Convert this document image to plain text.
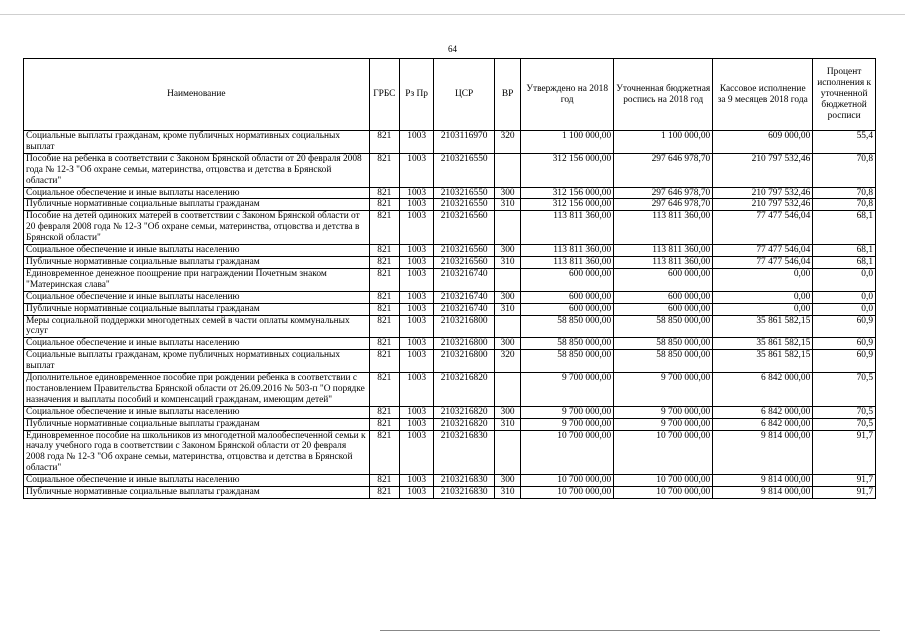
64
Наименование	ГРБС	Рз Пр	ЦСР	ВР	Утверждено на 2018 год	Уточненная бюджетная роспись на 2018 год	Кассовое исполнение за 9 месяцев 2018 года	Процент исполнения к уточненной бюджетной росписи
Социальные выплаты гражданам, кроме публичных нормативных социальных выплат	821	1003	2103116970	320	1 100 000,00	1 100 000,00	609 000,00	55,4
Пособие на ребенка в соответствии с Законом Брянской области от 20 февраля 2008 года № 12-З "Об охране семьи, материнства, отцовства и детства в Брянской области"	821	1003	2103216550		312 156 000,00	297 646 978,70	210 797 532,46	70,8
Социальное обеспечение и иные выплаты населению	821	1003	2103216550	300	312 156 000,00	297 646 978,70	210 797 532,46	70,8
Публичные нормативные социальные выплаты гражданам	821	1003	2103216550	310	312 156 000,00	297 646 978,70	210 797 532,46	70,8
Пособие на детей одиноких матерей в соответствии с Законом Брянской области от 20 февраля 2008 года № 12-З "Об охране семьи, материнства, отцовства и детства в Брянской области"	821	1003	2103216560		113 811 360,00	113 811 360,00	77 477 546,04	68,1
Социальное обеспечение и иные выплаты населению	821	1003	2103216560	300	113 811 360,00	113 811 360,00	77 477 546,04	68,1
Публичные нормативные социальные выплаты гражданам	821	1003	2103216560	310	113 811 360,00	113 811 360,00	77 477 546,04	68,1
Единовременное денежное поощрение при награждении Почетным знаком "Материнская слава"	821	1003	2103216740		600 000,00	600 000,00	0,00	0,0
Социальное обеспечение и иные выплаты населению	821	1003	2103216740	300	600 000,00	600 000,00	0,00	0,0
Публичные нормативные социальные выплаты гражданам	821	1003	2103216740	310	600 000,00	600 000,00	0,00	0,0
Меры социальной поддержки многодетных семей в части оплаты коммунальных услуг	821	1003	2103216800		58 850 000,00	58 850 000,00	35 861 582,15	60,9
Социальное обеспечение и иные выплаты населению	821	1003	2103216800	300	58 850 000,00	58 850 000,00	35 861 582,15	60,9
Социальные выплаты гражданам, кроме публичных нормативных социальных выплат	821	1003	2103216800	320	58 850 000,00	58 850 000,00	35 861 582,15	60,9
Дополнительное единовременное пособие при рождении ребенка в соответствии с постановлением Правительства Брянской области от 26.09.2016 № 503-п "О порядке назначения и выплаты пособий и компенсаций гражданам, имеющим детей"	821	1003	2103216820		9 700 000,00	9 700 000,00	6 842 000,00	70,5
Социальное обеспечение и иные выплаты населению	821	1003	2103216820	300	9 700 000,00	9 700 000,00	6 842 000,00	70,5
Публичные нормативные социальные выплаты гражданам	821	1003	2103216820	310	9 700 000,00	9 700 000,00	6 842 000,00	70,5
Единовременное пособие на школьников из многодетной малообеспеченной семьи к началу учебного года в соответствии с Законом Брянской области от 20 февраля 2008 года № 12-З "Об охране семьи, материнства, отцовства и детства в Брянской области"	821	1003	2103216830		10 700 000,00	10 700 000,00	9 814 000,00	91,7
Социальное обеспечение и иные выплаты населению	821	1003	2103216830	300	10 700 000,00	10 700 000,00	9 814 000,00	91,7
Публичные нормативные социальные выплаты гражданам	821	1003	2103216830	310	10 700 000,00	10 700 000,00	9 814 000,00	91,7
